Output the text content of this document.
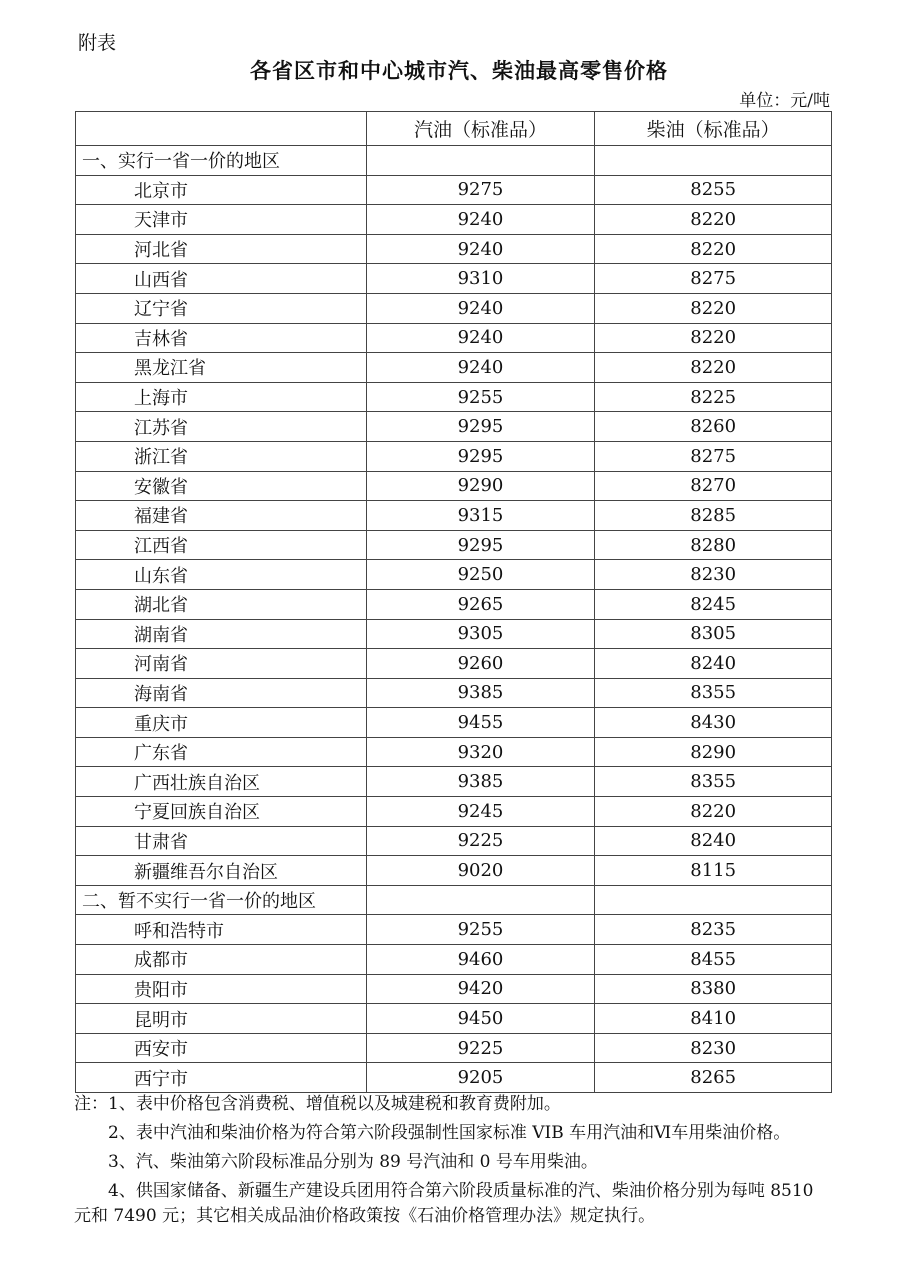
附表
各省区市和中心城市汽、柴油最高零售价格
单位：元/吨
	汽油（标准品）	柴油（标准品）
一、实行一省一价的地区		
北京市	9275	8255
天津市	9240	8220
河北省	9240	8220
山西省	9310	8275
辽宁省	9240	8220
吉林省	9240	8220
黑龙江省	9240	8220
上海市	9255	8225
江苏省	9295	8260
浙江省	9295	8275
安徽省	9290	8270
福建省	9315	8285
江西省	9295	8280
山东省	9250	8230
湖北省	9265	8245
湖南省	9305	8305
河南省	9260	8240
海南省	9385	8355
重庆市	9455	8430
广东省	9320	8290
广西壮族自治区	9385	8355
宁夏回族自治区	9245	8220
甘肃省	9225	8240
新疆维吾尔自治区	9020	8115
二、暂不实行一省一价的地区		
呼和浩特市	9255	8235
成都市	9460	8455
贵阳市	9420	8380
昆明市	9450	8410
西安市	9225	8230
西宁市	9205	8265

注：1、表中价格包含消费税、增值税以及城建税和教育费附加。

2、表中汽油和柴油价格为符合第六阶段强制性国家标准 VIB 车用汽油和Ⅵ车用柴油价格。

3、汽、柴油第六阶段标准品分别为 89 号汽油和 0 号车用柴油。

4、供国家储备、新疆生产建设兵团用符合第六阶段质量标准的汽、柴油价格分别为每吨 8510 元和 7490 元；其它相关成品油价格政策按《石油价格管理办法》规定执行。
